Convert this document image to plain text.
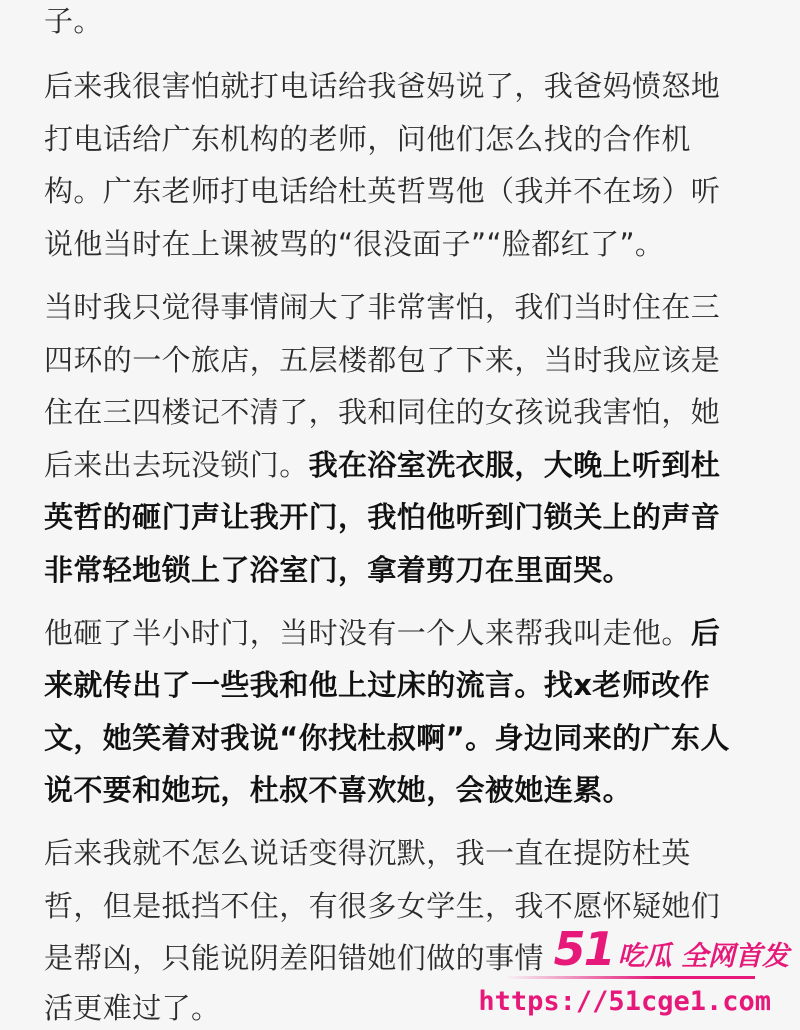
子。
后来我很害怕就打电话给我爸妈说了，我爸妈愤怒地
打电话给广东机构的老师，问他们怎么找的合作机
构。广东老师打电话给杜英哲骂他（我并不在场）听
说他当时在上课被骂的“很没面子”“脸都红了”。
当时我只觉得事情闹大了非常害怕，我们当时住在三
四环的一个旅店，五层楼都包了下来，当时我应该是
住在三四楼记不清了，我和同住的女孩说我害怕，她
后来出去玩没锁门。我在浴室洗衣服，大晚上听到杜
英哲的砸门声让我开门，我怕他听到门锁关上的声音
非常轻地锁上了浴室门，拿着剪刀在里面哭。
他砸了半小时门，当时没有一个人来帮我叫走他。后
来就传出了一些我和他上过床的流言。找x老师改作
文，她笑着对我说“你找杜叔啊”。身边同来的广东人
说不要和她玩，杜叔不喜欢她，会被她连累。
后来我就不怎么说话变得沉默，我一直在提防杜英
哲，但是抵挡不住，有很多女学生，我不愿怀疑她们
是帮凶，只能说阴差阳错她们做的事情
活更难过了。
51 吃瓜 全网首发
https://51cge1.com
